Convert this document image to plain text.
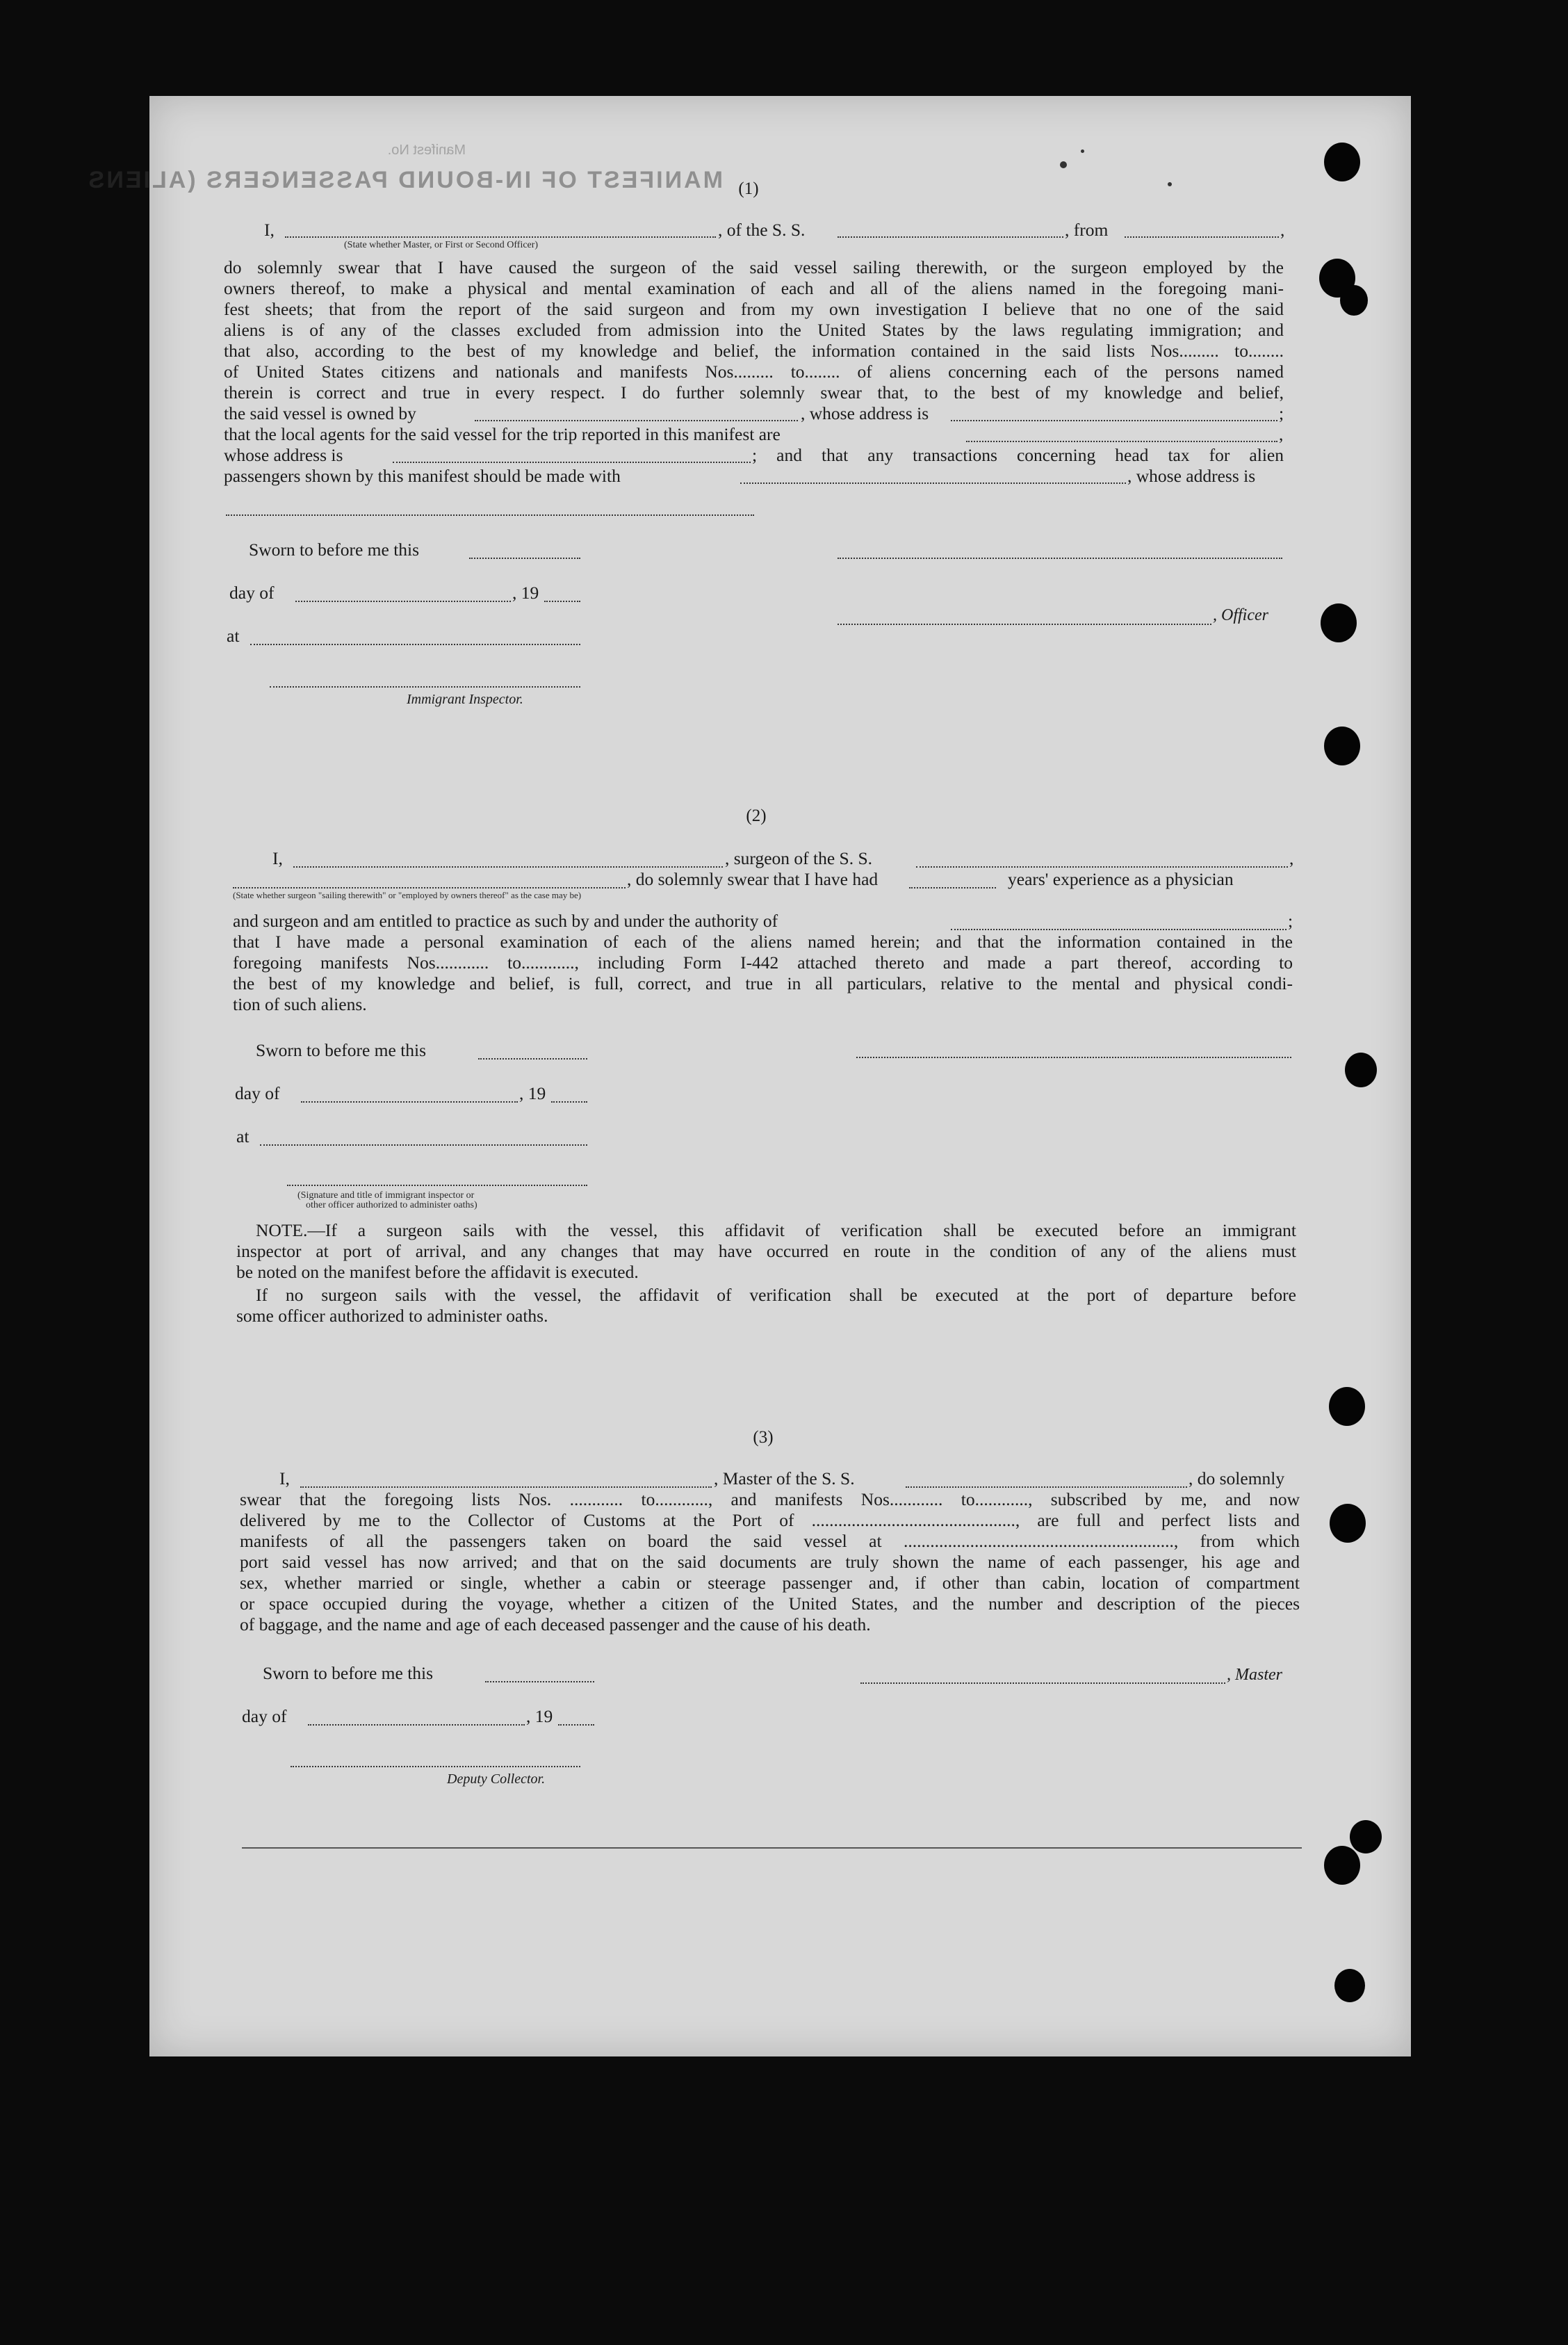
Manifest No.
MANIFEST OF IN-BOUND PASSENGERS (ALIENS (1)
I,	, of the S. S.	, from	,
(State whether Master, or First or Second Officer)
do solemnly swear that I have caused the surgeon of the said vessel sailing therewith, or the surgeon employed by the
owners thereof, to make a physical and mental examination of each and all of the aliens named in the foregoing mani-
fest sheets; that from the report of the said surgeon and from my own investigation I believe that no one of the said
aliens is of any of the classes excluded from admission into the United States by the laws regulating immigration; and
that also, according to the best of my knowledge and belief, the information contained in the said lists Nos......... to........
of United States citizens and nationals and manifests Nos......... to........ of aliens concerning each of the persons named
therein is correct and true in every respect. I do further solemnly swear that, to the best of my knowledge and belief,
the said vessel is owned by	, whose address is	;
that the local agents for the said vessel for the trip reported in this manifest are	,
whose address is	; and that any transactions concerning head tax for alien
passengers shown by this manifest should be made with	, whose address is
Sworn to before me this
day of	, 19
, Officer
at
Immigrant Inspector.
(2)
I,	, surgeon of the S. S.	,
, do solemnly swear that I have had	years' experience as a physician
(State whether surgeon "sailing therewith" or "employed by owners thereof" as the case may be)
and surgeon and am entitled to practice as such by and under the authority of	;
that I have made a personal examination of each of the aliens named herein; and that the information contained in the
foregoing manifests Nos............ to............, including Form I-442 attached thereto and made a part thereof, according to
the best of my knowledge and belief, is full, correct, and true in all particulars, relative to the mental and physical condi-
tion of such aliens.
Sworn to before me this
day of	, 19
at
(Signature and title of immigrant inspector or
other officer authorized to administer oaths)
NOTE.—If a surgeon sails with the vessel, this affidavit of verification shall be executed before an immigrant
inspector at port of arrival, and any changes that may have occurred en route in the condition of any of the aliens must
be noted on the manifest before the affidavit is executed.
If no surgeon sails with the vessel, the affidavit of verification shall be executed at the port of departure before
some officer authorized to administer oaths.
(3)
I,	, Master of the S. S.	, do solemnly
swear that the foregoing lists Nos. ............ to............, and manifests Nos............ to............, subscribed by me, and now
delivered by me to the Collector of Customs at the Port of .............................................., are full and perfect lists and
manifests of all the passengers taken on board the said vessel at ............................................................., from which
port said vessel has now arrived; and that on the said documents are truly shown the name of each passenger, his age and
sex, whether married or single, whether a cabin or steerage passenger and, if other than cabin, location of compartment
or space occupied during the voyage, whether a citizen of the United States, and the number and description of the pieces
of baggage, and the name and age of each deceased passenger and the cause of his death.
Sworn to before me this	, Master
day of	, 19
Deputy Collector.
